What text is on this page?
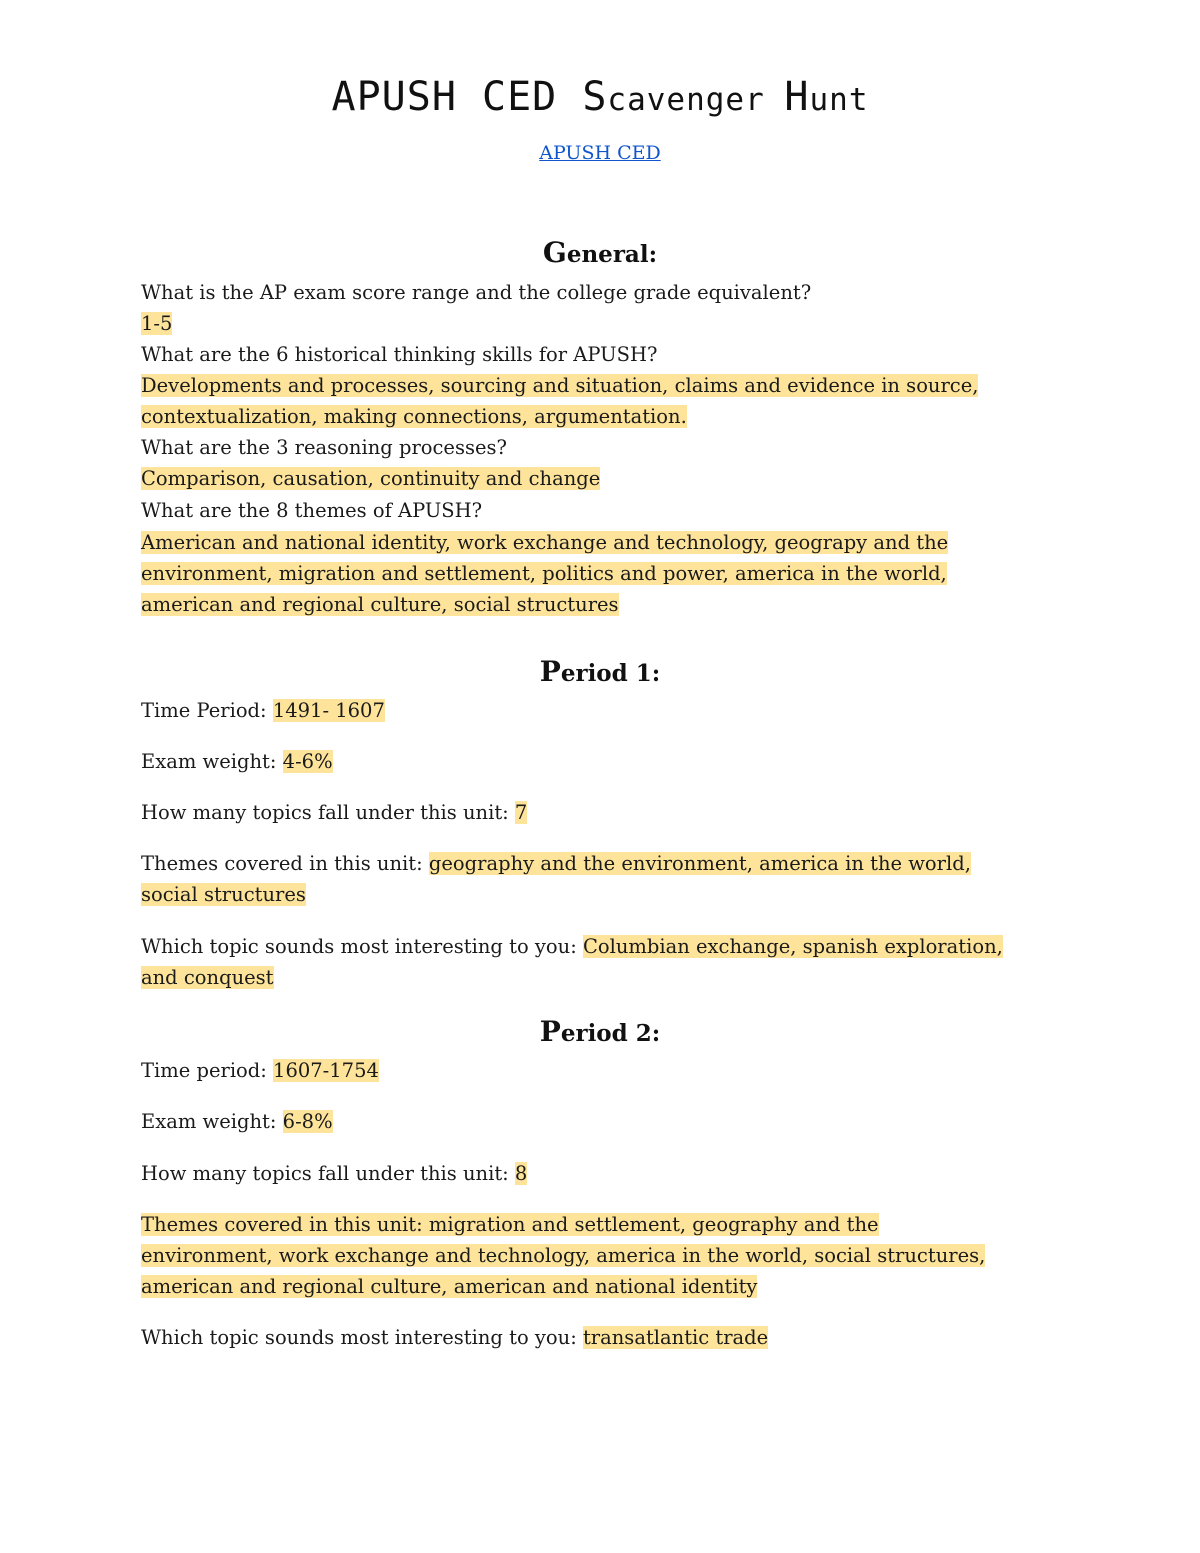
APUSH CED Scavenger Hunt
APUSH CED
General:
What is the AP exam score range and the college grade equivalent?
1-5
What are the 6 historical thinking skills for APUSH?
Developments and processes, sourcing and situation, claims and evidence in source,
contextualization, making connections, argumentation.
What are the 3 reasoning processes?
Comparison, causation, continuity and change
What are the 8 themes of APUSH?
American and national identity, work exchange and technology, geograpy and the
environment, migration and settlement, politics and power, america in the world,
american and regional culture, social structures
Period 1:
Time Period: 1491- 1607
Exam weight: 4-6%
How many topics fall under this unit: 7
Themes covered in this unit: geography and the environment, america in the world,
social structures
Which topic sounds most interesting to you: Columbian exchange, spanish exploration,
and conquest
Period 2:
Time period: 1607-1754
Exam weight: 6-8%
How many topics fall under this unit: 8
Themes covered in this unit: migration and settlement, geography and the
environment, work exchange and technology, america in the world, social structures,
american and regional culture, american and national identity
Which topic sounds most interesting to you: transatlantic trade
